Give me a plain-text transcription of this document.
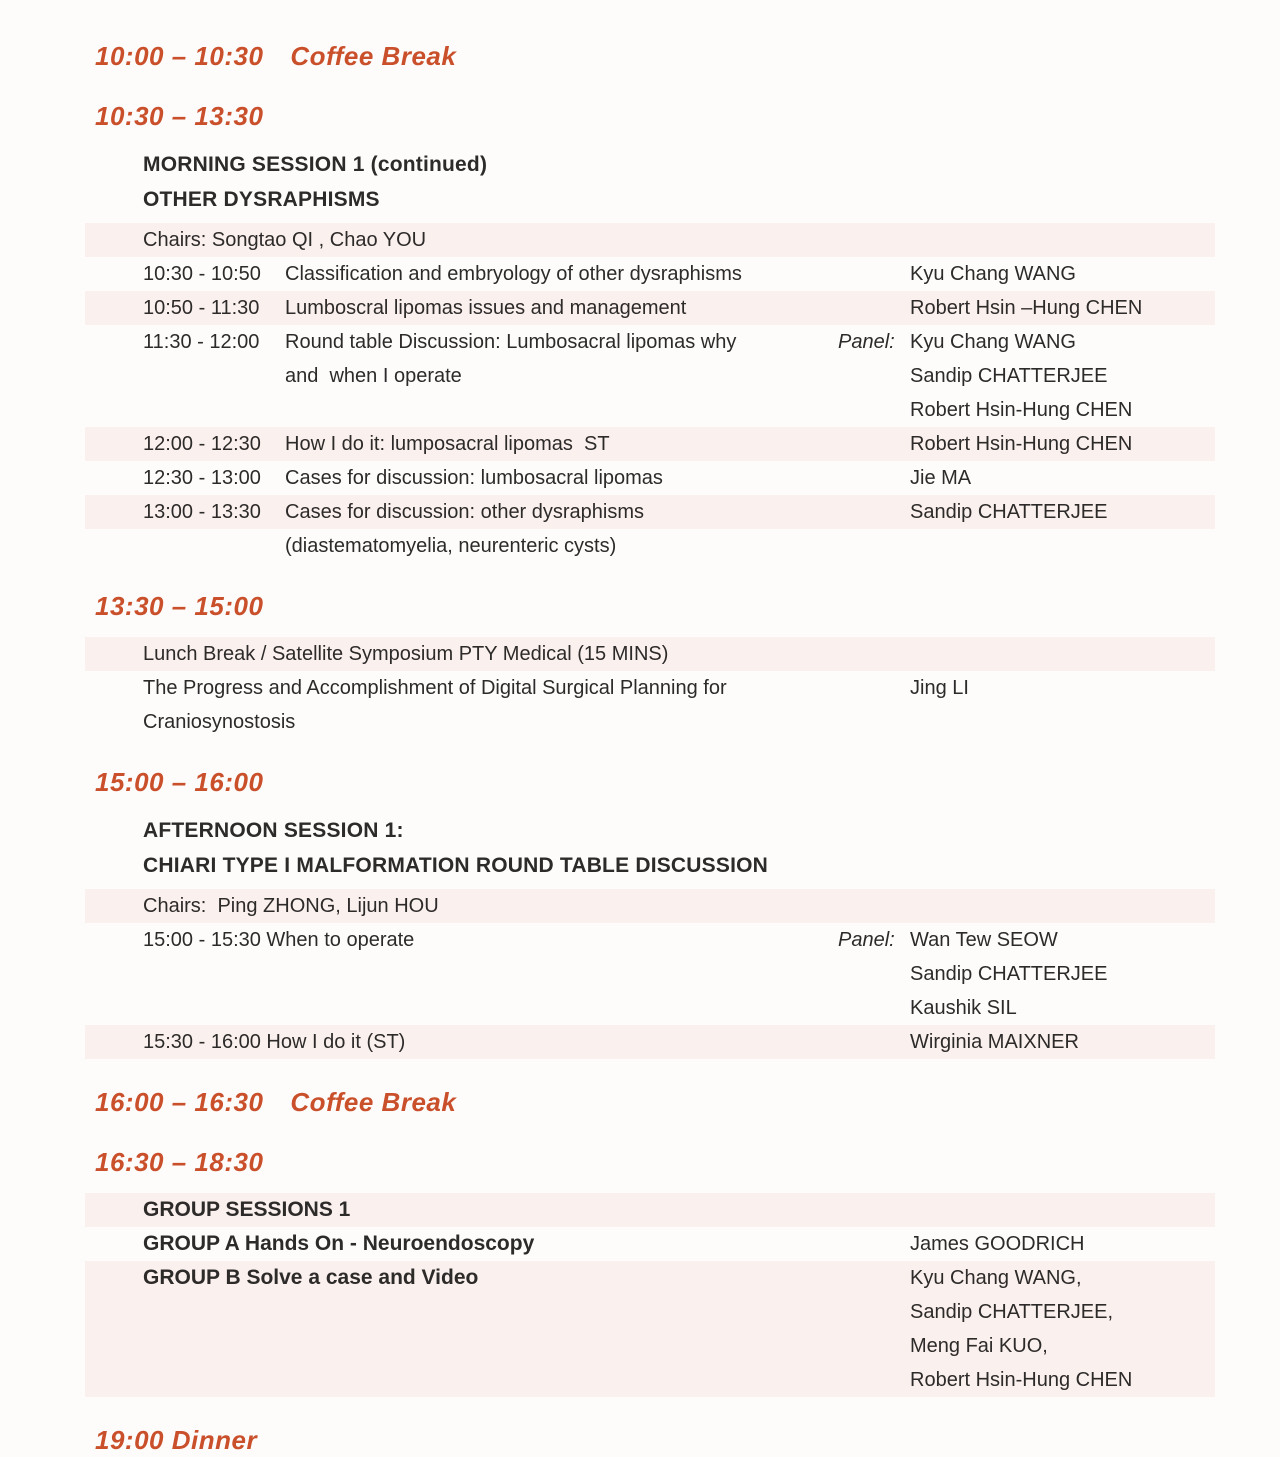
10:00 – 10:30 Coffee Break
10:30 – 13:30
MORNING SESSION 1 (continued)
OTHER DYSRAPHISMS
Chairs: Songtao QI , Chao YOU
10:30 - 10:50	Classification and embryology of other dysraphisms	Kyu Chang WANG
10:50 - 11:30	Lumboscral lipomas issues and management	Robert Hsin –Hung CHEN
11:30 - 12:00	Round table Discussion: Lumbosacral lipomas why
and  when I operate
Panel: Kyu Chang WANG
Sandip CHATTERJEE
Robert Hsin-Hung CHEN
12:00 - 12:30	How I do it: lumposacral lipomas  ST	Robert Hsin-Hung CHEN
12:30 - 13:00	Cases for discussion: lumbosacral lipomas	Jie MA
13:00 - 13:30	Cases for discussion: other dysraphisms	Sandip CHATTERJEE
(diastematomyelia, neurenteric cysts)
13:30 – 15:00
Lunch Break / Satellite Symposium PTY Medical (15 MINS)
The Progress and Accomplishment of Digital Surgical Planning for	Jing LI
Craniosynostosis
15:00 – 16:00
AFTERNOON SESSION 1:
CHIARI TYPE I MALFORMATION ROUND TABLE DISCUSSION
Chairs:  Ping ZHONG, Lijun HOU
15:00 - 15:30 When to operate	Panel: Wan Tew SEOW
Sandip CHATTERJEE
Kaushik SIL
15:30 - 16:00 How I do it (ST)	Wirginia MAIXNER
16:00 – 16:30 Coffee Break
16:30 – 18:30
GROUP SESSIONS 1
GROUP A Hands On - Neuroendoscopy	James GOODRICH
GROUP B Solve a case and Video	Kyu Chang WANG,
Sandip CHATTERJEE,
Meng Fai KUO,
Robert Hsin-Hung CHEN
19:00 Dinner
